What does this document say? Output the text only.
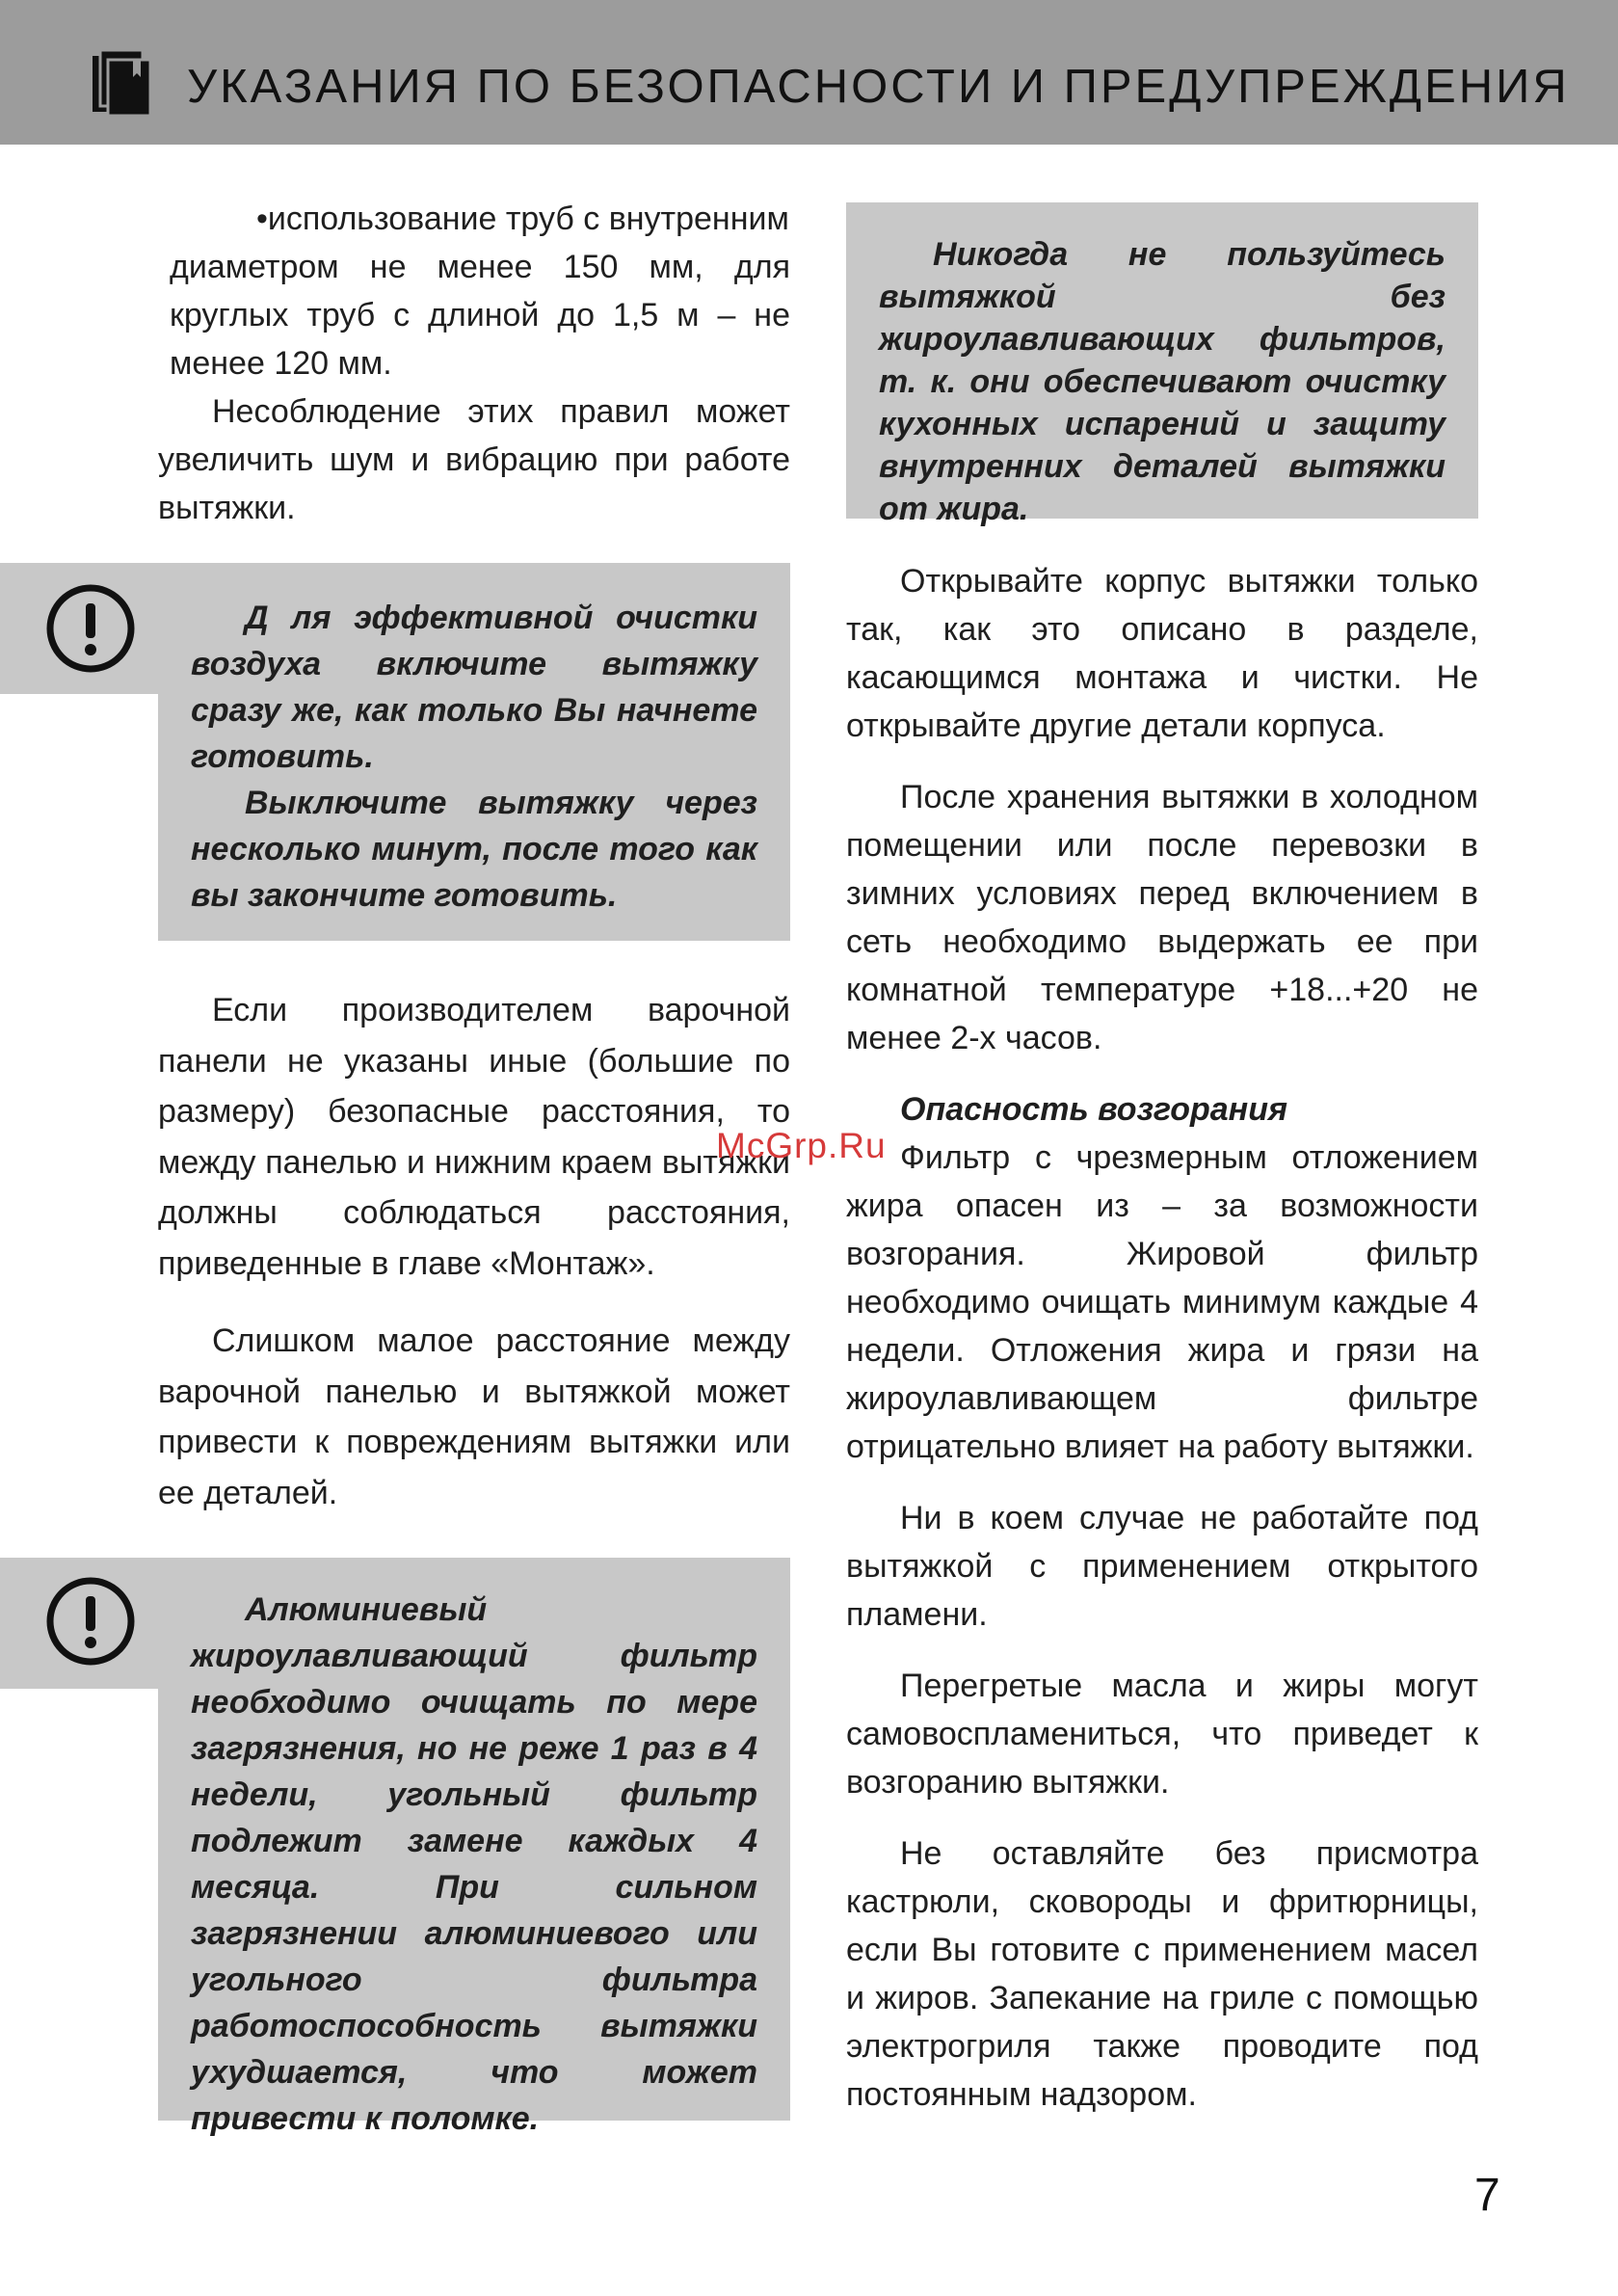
УКАЗАНИЯ ПО БЕЗОПАСНОСТИ И ПРЕДУПРЕЖДЕНИЯ

•использование труб с внутренним

диаметром не менее 150 мм, для круглых труб с длиной до 1,5 м – не менее 120 мм.

Несоблюдение этих правил может увеличить шум и вибрацию при работе вытяжки.

Д ля эффективной очистки воздуха включите вытяжку сразу же, как только Вы начнете готовить.

Выключите вытяжку через несколько минут, после того как вы закончите готовить.

Если производителем варочной панели не указаны иные (большие по размеру) безопасные расстояния, то между панелью и нижним краем вытяжки должны соблюдаться расстояния, приведенные в главе «Монтаж».

Слишком малое расстояние между варочной панелью и вытяжкой может привести к повреждениям вытяжки или ее деталей.

Алюминиевый жироулавливающий фильтр необходимо очищать по мере загрязнения, но не реже 1 раз в 4 недели, угольный фильтр подлежит замене каждых 4 месяца. При сильном загрязнении алюминиевого или угольного фильтра работоспособность вытяжки ухудшается, что может привести к поломке.

Никогда не пользуйтесь вытяжкой без жироулавливающих фильтров, т. к. они обеспечивают очистку кухонных испарений и защиту внутренних деталей вытяжки от жира.

Открывайте корпус вытяжки только так, как это описано в разделе, касающимся монтажа и чистки. Не открывайте другие детали корпуса.

После хранения вытяжки в холодном помещении или после перевозки в зимних условиях перед включением в сеть необходимо выдержать ее при комнатной температуре +18...+20 не менее 2-х часов.

Опасность возгорания

Фильтр с чрезмерным отложением жира опасен из – за возможности возгорания. Жировой фильтр необходимо очищать минимум каждые 4 недели. Отложения жира и грязи на жироулавливающем фильтре отрицательно влияет на работу вытяжки.

Ни в коем случае не работайте под вытяжкой с применением открытого пламени.

Перегретые масла и жиры могут самовоспламениться, что приведет к возгоранию вытяжки.

Не оставляйте без присмотра кастрюли, сковороды и фритюрницы, если Вы готовите с применением масел и жиров. Запекание на гриле с помощью электрогриля также проводите под постоянным надзором.

McGrp.Ru
7
